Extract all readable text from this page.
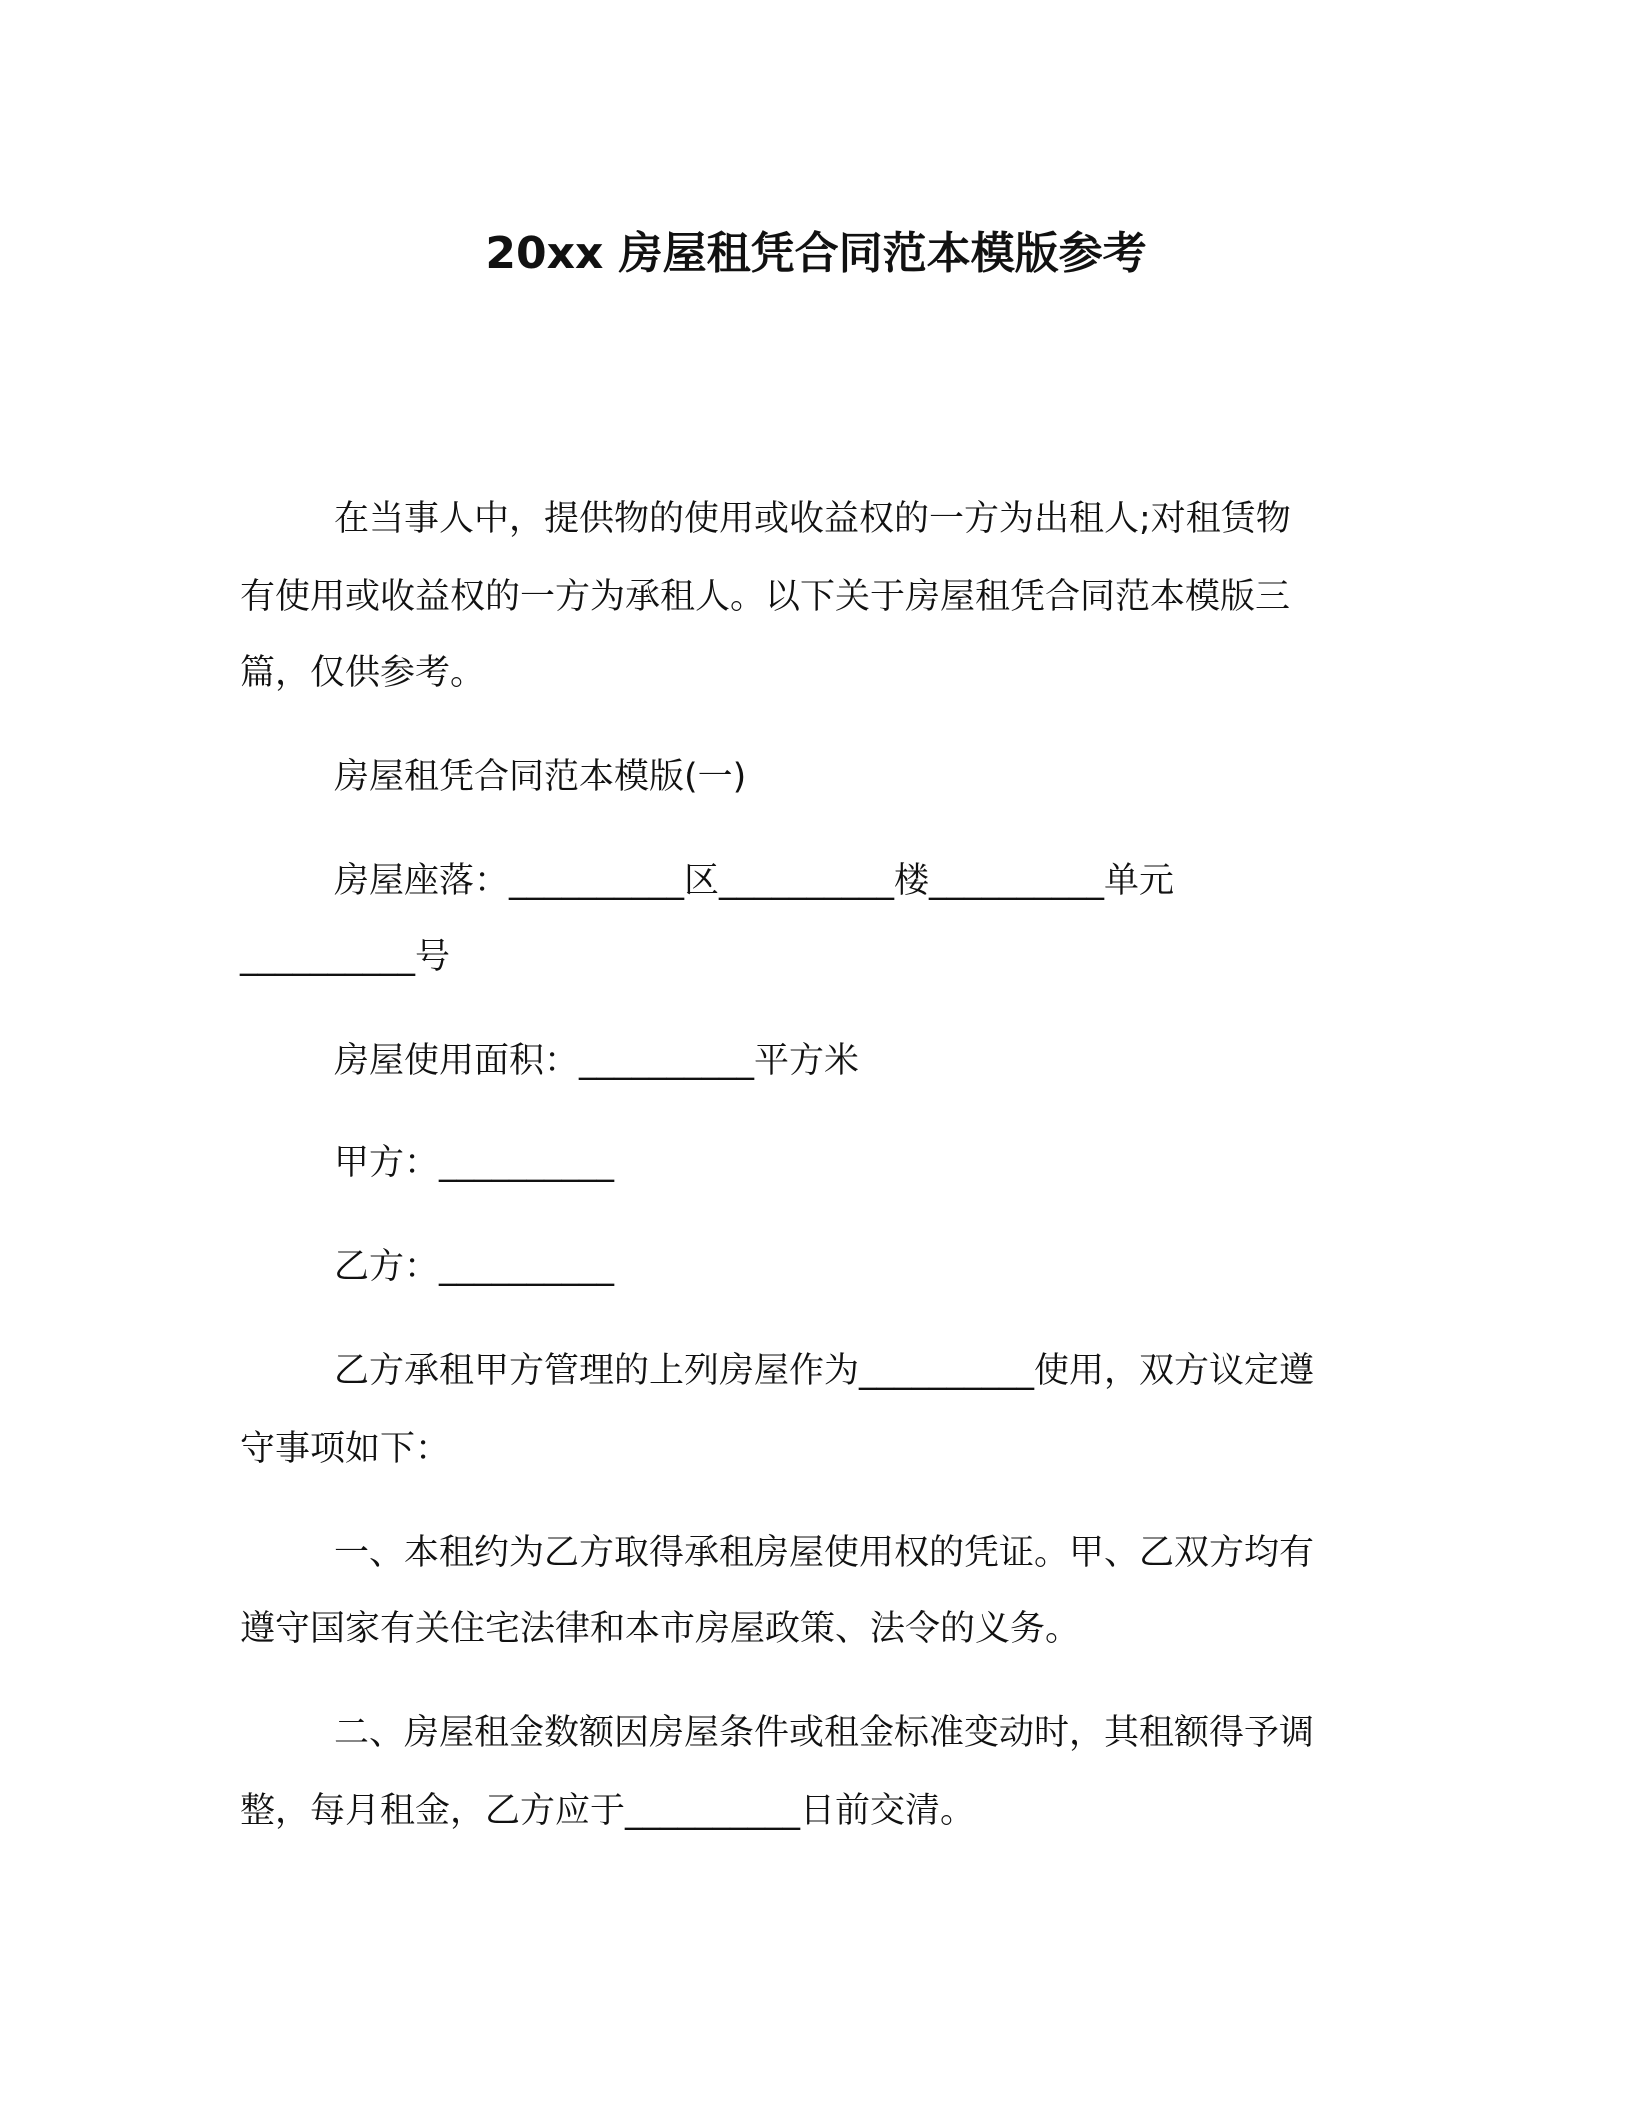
20xx 房屋租凭合同范本模版参考
在当事人中，提供物的使用或收益权的一方为出租人;对租赁物
有使用或收益权的一方为承租人。以下关于房屋租凭合同范本模版三
篇，仅供参考。
房屋租凭合同范本模版(一)
房屋座落：__________区__________楼__________单元
__________号
房屋使用面积：__________平方米
甲方：__________
乙方：__________
乙方承租甲方管理的上列房屋作为__________使用，双方议定遵
守事项如下：
一、本租约为乙方取得承租房屋使用权的凭证。甲、乙双方均有
遵守国家有关住宅法律和本市房屋政策、法令的义务。
二、房屋租金数额因房屋条件或租金标准变动时，其租额得予调
整，每月租金，乙方应于__________日前交清。
